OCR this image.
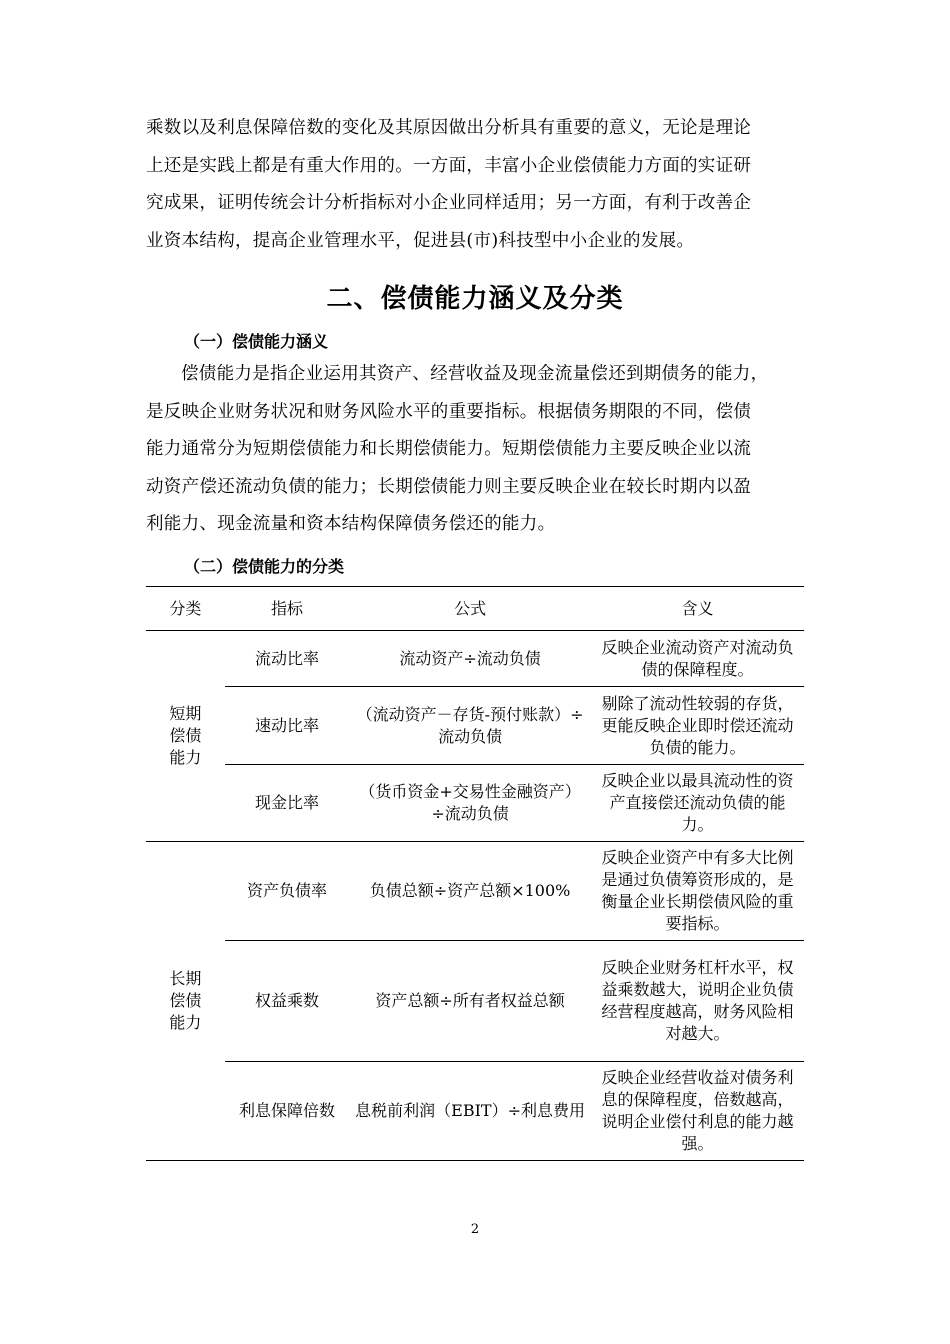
乘数以及利息保障倍数的变化及其原因做出分析具有重要的意义，无论是理论
上还是实践上都是有重大作用的。一方面，丰富小企业偿债能力方面的实证研
究成果，证明传统会计分析指标对小企业同样适用；另一方面，有利于改善企
业资本结构，提高企业管理水平，促进县(市)科技型中小企业的发展。
二、偿债能力涵义及分类
（一）偿债能力涵义
偿债能力是指企业运用其资产、经营收益及现金流量偿还到期债务的能力，
是反映企业财务状况和财务风险水平的重要指标。根据债务期限的不同，偿债
能力通常分为短期偿债能力和长期偿债能力。短期偿债能力主要反映企业以流
动资产偿还流动负债的能力；长期偿债能力则主要反映企业在较长时期内以盈
利能力、现金流量和资本结构保障债务偿还的能力。
（二）偿债能力的分类
分类	指标	公式	含义
短期
偿债
能力	流动比率	流动资产÷流动负债	反映企业流动资产对流动负债的保障程度。
	速动比率	（流动资产－存货-预付账款）÷流动负债	剔除了流动性较弱的存货，更能反映企业即时偿还流动负债的能力。
	现金比率	（货币资金+交易性金融资产）÷流动负债	反映企业以最具流动性的资产直接偿还流动负债的能力。
长期
偿债
能力	资产负债率	负债总额÷资产总额×100%	反映企业资产中有多大比例是通过负债筹资形成的，是衡量企业长期偿债风险的重要指标。
	权益乘数	资产总额÷所有者权益总额	反映企业财务杠杆水平，权益乘数越大，说明企业负债经营程度越高，财务风险相对越大。
	利息保障倍数	息税前利润（EBIT）÷利息费用	反映企业经营收益对债务利息的保障程度，倍数越高，说明企业偿付利息的能力越强。
2
